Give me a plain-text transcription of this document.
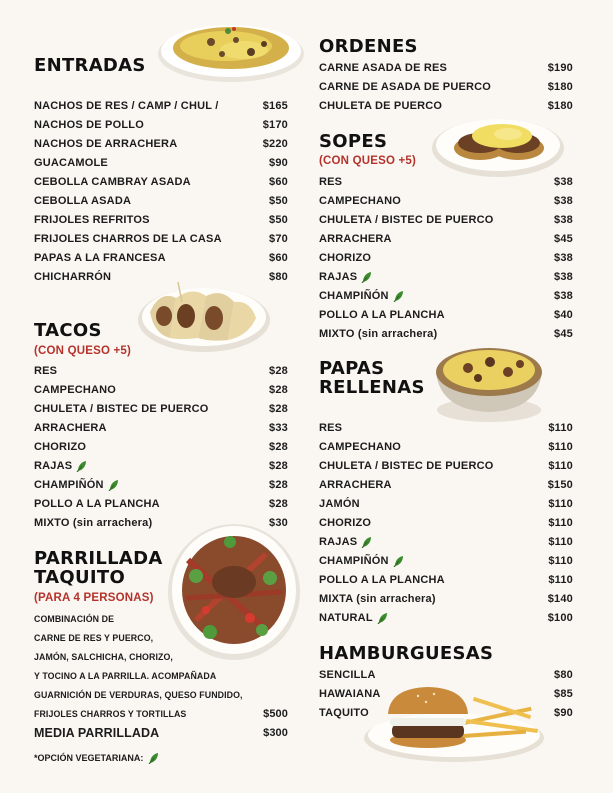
ENTRADAS
NACHOS DE RES / CAMP / CHUL /	$165
NACHOS DE POLLO	$170
NACHOS DE ARRACHERA	$220
GUACAMOLE	$90
CEBOLLA CAMBRAY ASADA	$60
CEBOLLA ASADA	$50
FRIJOLES REFRITOS	$50
FRIJOLES CHARROS DE LA CASA	$70
PAPAS A LA FRANCESA	$60
CHICHARRÓN	$80
TACOS
(CON QUESO +5)
RES	$28
CAMPECHANO	$28
CHULETA / BISTEC DE PUERCO	$28
ARRACHERA	$33
CHORIZO	$28
RAJAS	$28
CHAMPIÑÓN	$28
POLLO A LA PLANCHA	$28
MIXTO (sin arrachera)	$30
PARRILLADA
TAQUITO
(PARA 4 PERSONAS)
COMBINACIÓN DE
CARNE DE RES Y PUERCO,
JAMÓN, SALCHICHA, CHORIZO,
Y TOCINO A LA PARRILLA. ACOMPAÑADA
GUARNICIÓN DE VERDURAS, QUESO FUNDIDO,
FRIJOLES CHARROS Y TORTILLAS	$500
MEDIA PARRILLADA	$300
*OPCIÓN VEGETARIANA:
ORDENES
CARNE ASADA DE RES	$190
CARNE DE ASADA DE PUERCO	$180
CHULETA DE PUERCO	$180
SOPES
(CON QUESO +5)
RES	$38
CAMPECHANO	$38
CHULETA / BISTEC DE PUERCO	$38
ARRACHERA	$45
CHORIZO	$38
RAJAS	$38
CHAMPIÑÓN	$38
POLLO A LA PLANCHA	$40
MIXTO (sin arrachera)	$45
PAPAS
RELLENAS
RES	$110
CAMPECHANO	$110
CHULETA / BISTEC DE PUERCO	$110
ARRACHERA	$150
JAMÓN	$110
CHORIZO	$110
RAJAS	$110
CHAMPIÑÓN	$110
POLLO A LA PLANCHA	$110
MIXTA (sin arrachera)	$140
NATURAL	$100
HAMBURGUESAS
SENCILLA	$80
HAWAIANA	$85
TAQUITO	$90
